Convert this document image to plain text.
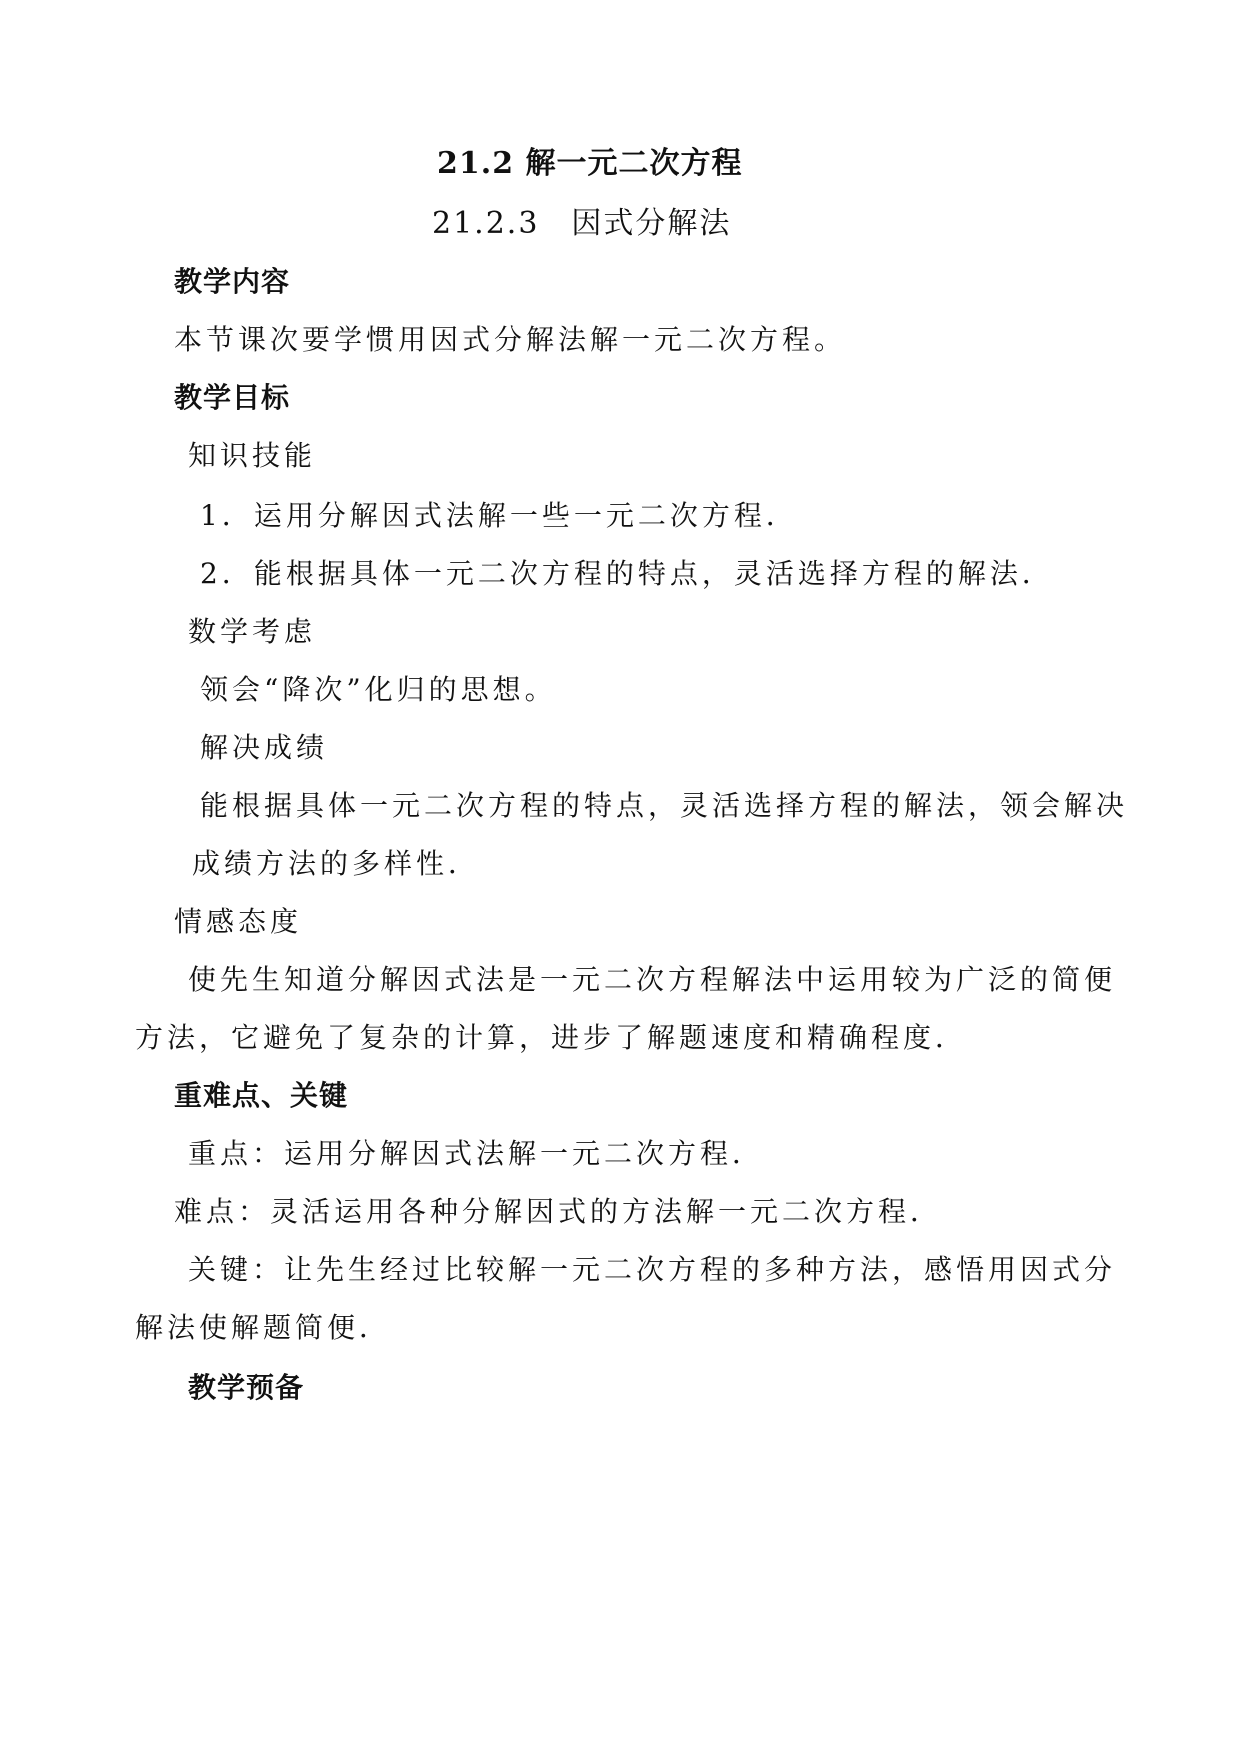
21.2 解一元二次方程
21.2.3　因式分解法
教学内容
本节课次要学惯用因式分解法解一元二次方程。
教学目标
知识技能
1．运用分解因式法解一些一元二次方程．
2．能根据具体一元二次方程的特点，灵活选择方程的解法．
数学考虑
领会“降次”化归的思想。
解决成绩
能根据具体一元二次方程的特点，灵活选择方程的解法，领会解决
成绩方法的多样性．
情感态度
使先生知道分解因式法是一元二次方程解法中运用较为广泛的简便
方法，它避免了复杂的计算，进步了解题速度和精确程度．
重难点、关键
重点：运用分解因式法解一元二次方程．
难点：灵活运用各种分解因式的方法解一元二次方程．
关键：让先生经过比较解一元二次方程的多种方法，感悟用因式分
解法使解题简便．
教学预备
